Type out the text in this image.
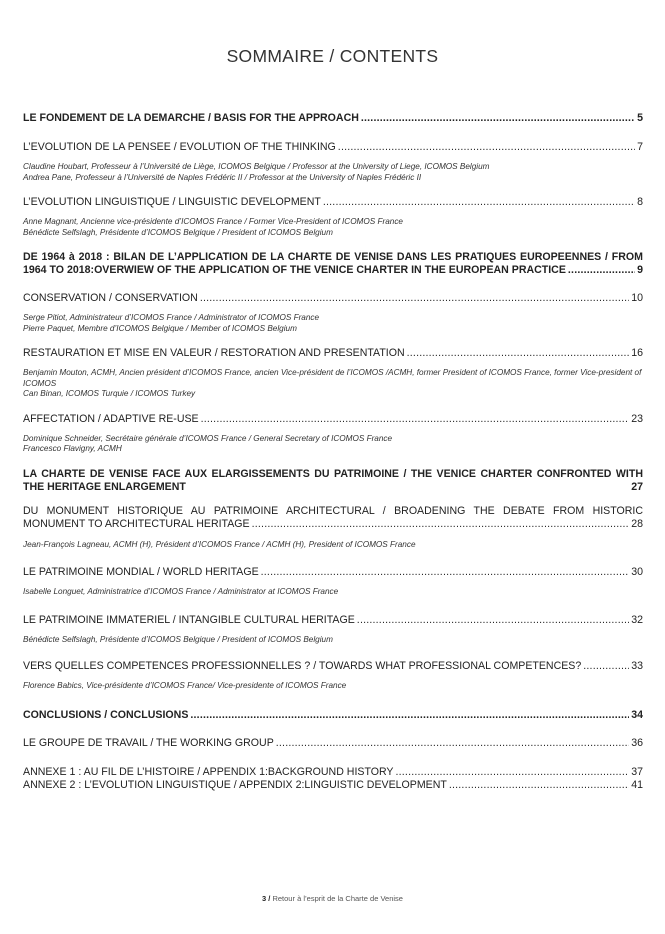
SOMMAIRE / CONTENTS
LE FONDEMENT DE LA DEMARCHE / BASIS FOR THE APPROACH .....	5
L’EVOLUTION DE LA PENSEE / EVOLUTION OF THE THINKING .....	7
Claudine Houbart, Professeur à l’Université de Liège, ICOMOS Belgique / Professor at the University of Liege, ICOMOS Belgium
Andrea Pane, Professeur à l’Université de Naples Frédéric II / Professor at the University of Naples Frédéric II
L’EVOLUTION LINGUISTIQUE / LINGUISTIC DEVELOPMENT .....	8
Anne Magnant, Ancienne vice-présidente d’ICOMOS France / Former Vice-President of ICOMOS France
Bénédicte Selfslagh, Présidente d’ICOMOS Belgique / President of ICOMOS Belgium
DE 1964 à 2018 : BILAN DE L’APPLICATION DE LA CHARTE DE VENISE DANS LES PRATIQUES EUROPEENNES / FROM
1964 TO 2018:OVERWIEW OF THE APPLICATION OF THE VENICE CHARTER IN THE EUROPEAN PRACTICE .....	9
CONSERVATION / CONSERVATION .....	10
Serge Pitiot, Administrateur d’ICOMOS France / Administrator of ICOMOS France
Pierre Paquet, Membre d’ICOMOS Belgique / Member of ICOMOS Belgium
RESTAURATION ET MISE EN VALEUR / RESTORATION AND PRESENTATION .....	16
Benjamin Mouton, ACMH, Ancien président d’ICOMOS France, ancien Vice-président de l’ICOMOS /ACMH, former President of ICOMOS France, former Vice-president of ICOMOS
Can Binan, ICOMOS Turquie / ICOMOS Turkey
AFFECTATION / ADAPTIVE RE-USE .....	23
Dominique Schneider, Secrétaire générale d’ICOMOS France / General Secretary of ICOMOS France
Francesco Flavigny, ACMH
LA CHARTE DE VENISE FACE AUX ELARGISSEMENTS DU PATRIMOINE / THE VENICE CHARTER CONFRONTED WITH
THE HERITAGE ENLARGEMENT	27
DU MONUMENT HISTORIQUE AU PATRIMOINE ARCHITECTURAL / BROADENING THE DEBATE FROM HISTORIC
MONUMENT TO ARCHITECTURAL HERITAGE .....	28
Jean-François Lagneau, ACMH (H), Président d’ICOMOS France / ACMH (H), President of ICOMOS France
LE PATRIMOINE MONDIAL / WORLD HERITAGE .....	30
Isabelle Longuet, Administratrice d’ICOMOS France / Administrator at ICOMOS France
LE PATRIMOINE IMMATERIEL / INTANGIBLE CULTURAL HERITAGE .....	32
Bénédicte Selfslagh, Présidente d’ICOMOS Belgique / President of ICOMOS Belgium
VERS QUELLES COMPETENCES PROFESSIONNELLES ? / TOWARDS WHAT PROFESSIONAL COMPETENCES? .....	33
Florence Babics, Vice-présidente d’ICOMOS France/ Vice-presidente of ICOMOS France
CONCLUSIONS / CONCLUSIONS .....	34
LE GROUPE DE TRAVAIL / THE WORKING GROUP .....	36
ANNEXE 1 : AU FIL DE L’HISTOIRE / APPENDIX 1:BACKGROUND HISTORY .....	37
ANNEXE 2 : L’EVOLUTION LINGUISTIQUE / APPENDIX 2:LINGUISTIC DEVELOPMENT .....	41
3 / Retour à l’esprit de la Charte de Venise
